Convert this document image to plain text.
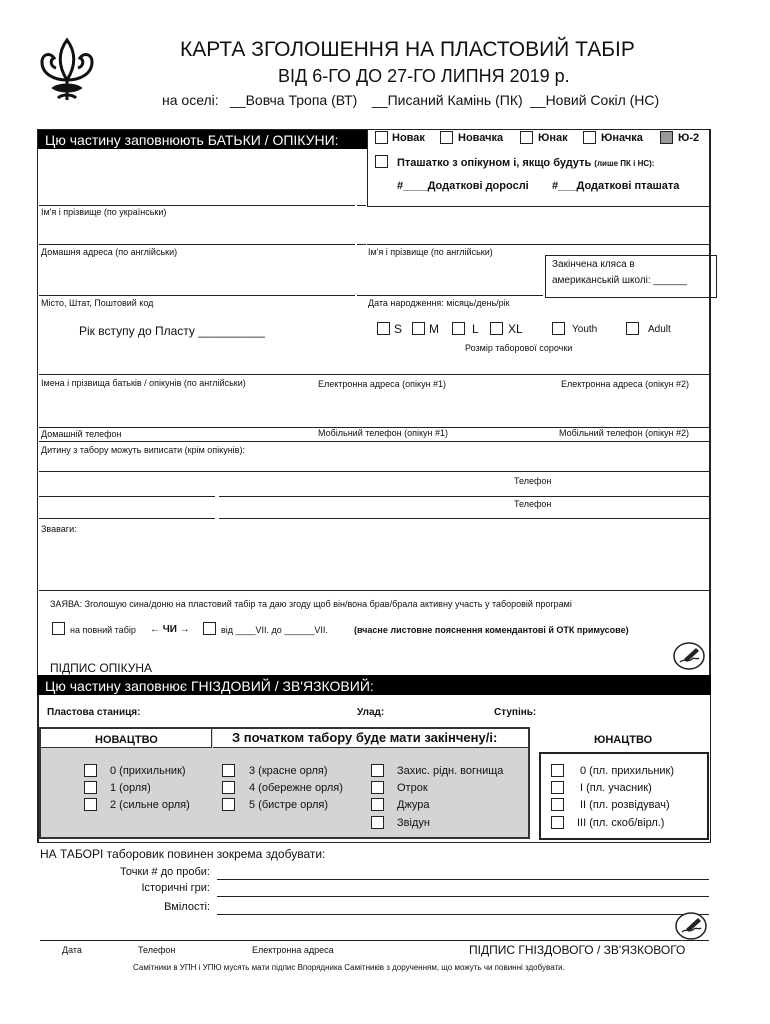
КАРТА ЗГОЛОШЕННЯ НА ПЛАСТОВИЙ ТАБІР
ВІД 6-ГО ДО 27-ГО ЛИПНЯ 2019 р.
на оселі: __Вовча Тропа (ВТ) __Писаний Камінь (ПК) __Новий Сокіл (НС)
Цю частину заповнюють БАТЬКИ / ОПІКУНИ:	Новак	Новачка	Юнак	Юначка	Ю-2
Пташатко з опікуном і, якщо будуть (лише ПК і НС):
#____Додаткові дорослі #___Додаткові пташата
Ім'я і прізвище (по українськи)
Домашня адреса (по англійськи)	Ім'я і прізвище (по англійськи)
Закінчена кляса в
американській школі: ______
Місто, Штат, Поштовий код	Дата народження: місяць/день/рік
Рік вступу до Пласту __________	S M	L XL	Youth	Adult
Розмір таборової сорочки
Імена і прізвища батьків / опікунів (по англійськи)	Електронна адреса (опікун #1)	Електронна адреса (опікун #2)
Домашній телефон	Мобільний телефон (опікун #1)	Мобільний телефон (опікун #2)
Дитину з табору можуть виписати (крім опікунів):
Телефон
Телефон
Зваваги:
ЗАЯВА: Зголошую сина/доню на пластовий табір та даю згоду щоб він/вона брав/брала активну участь у таборовій програмі
на повний табір ← ЧИ →	від ____VII. до ______VII.	(вчасне листовне пояснення комендантові й ОТК примусове)
ПІДПИС ОПІКУНА
Цю частину заповнює ГНІЗДОВИЙ / ЗВ'ЯЗКОВИЙ:
Пластова станиця:	Улад:	Ступінь:
НОВАЦТВО	З початком табору буде мати закінчену/і:
0 (прихильник)
1 (орля)
2 (сильне орля)
3 (красне орля)
4 (обережне орля)
5 (бистре орля)
Захис. рідн. вогнища
Отрок
Джура
Звідун
ЮНАЦТВО
0 (пл. прихильник)
І (пл. учасник)
ІІ (пл. розвідувач)
ІІІ (пл. скоб/вірл.)
НА ТАБОРІ таборовик повинен зокрема здобувати:
Точки # до проби:
Історичні гри:
Вмілості:
Дата	Телефон	Електронна адреса	ПІДПИС ГНІЗДОВОГО / ЗВ'ЯЗКОВОГО
Самітники в УПН і УПЮ мусять мати підпис Впорядника Самітників з дорученням, що можуть чи повинні здобувати.
